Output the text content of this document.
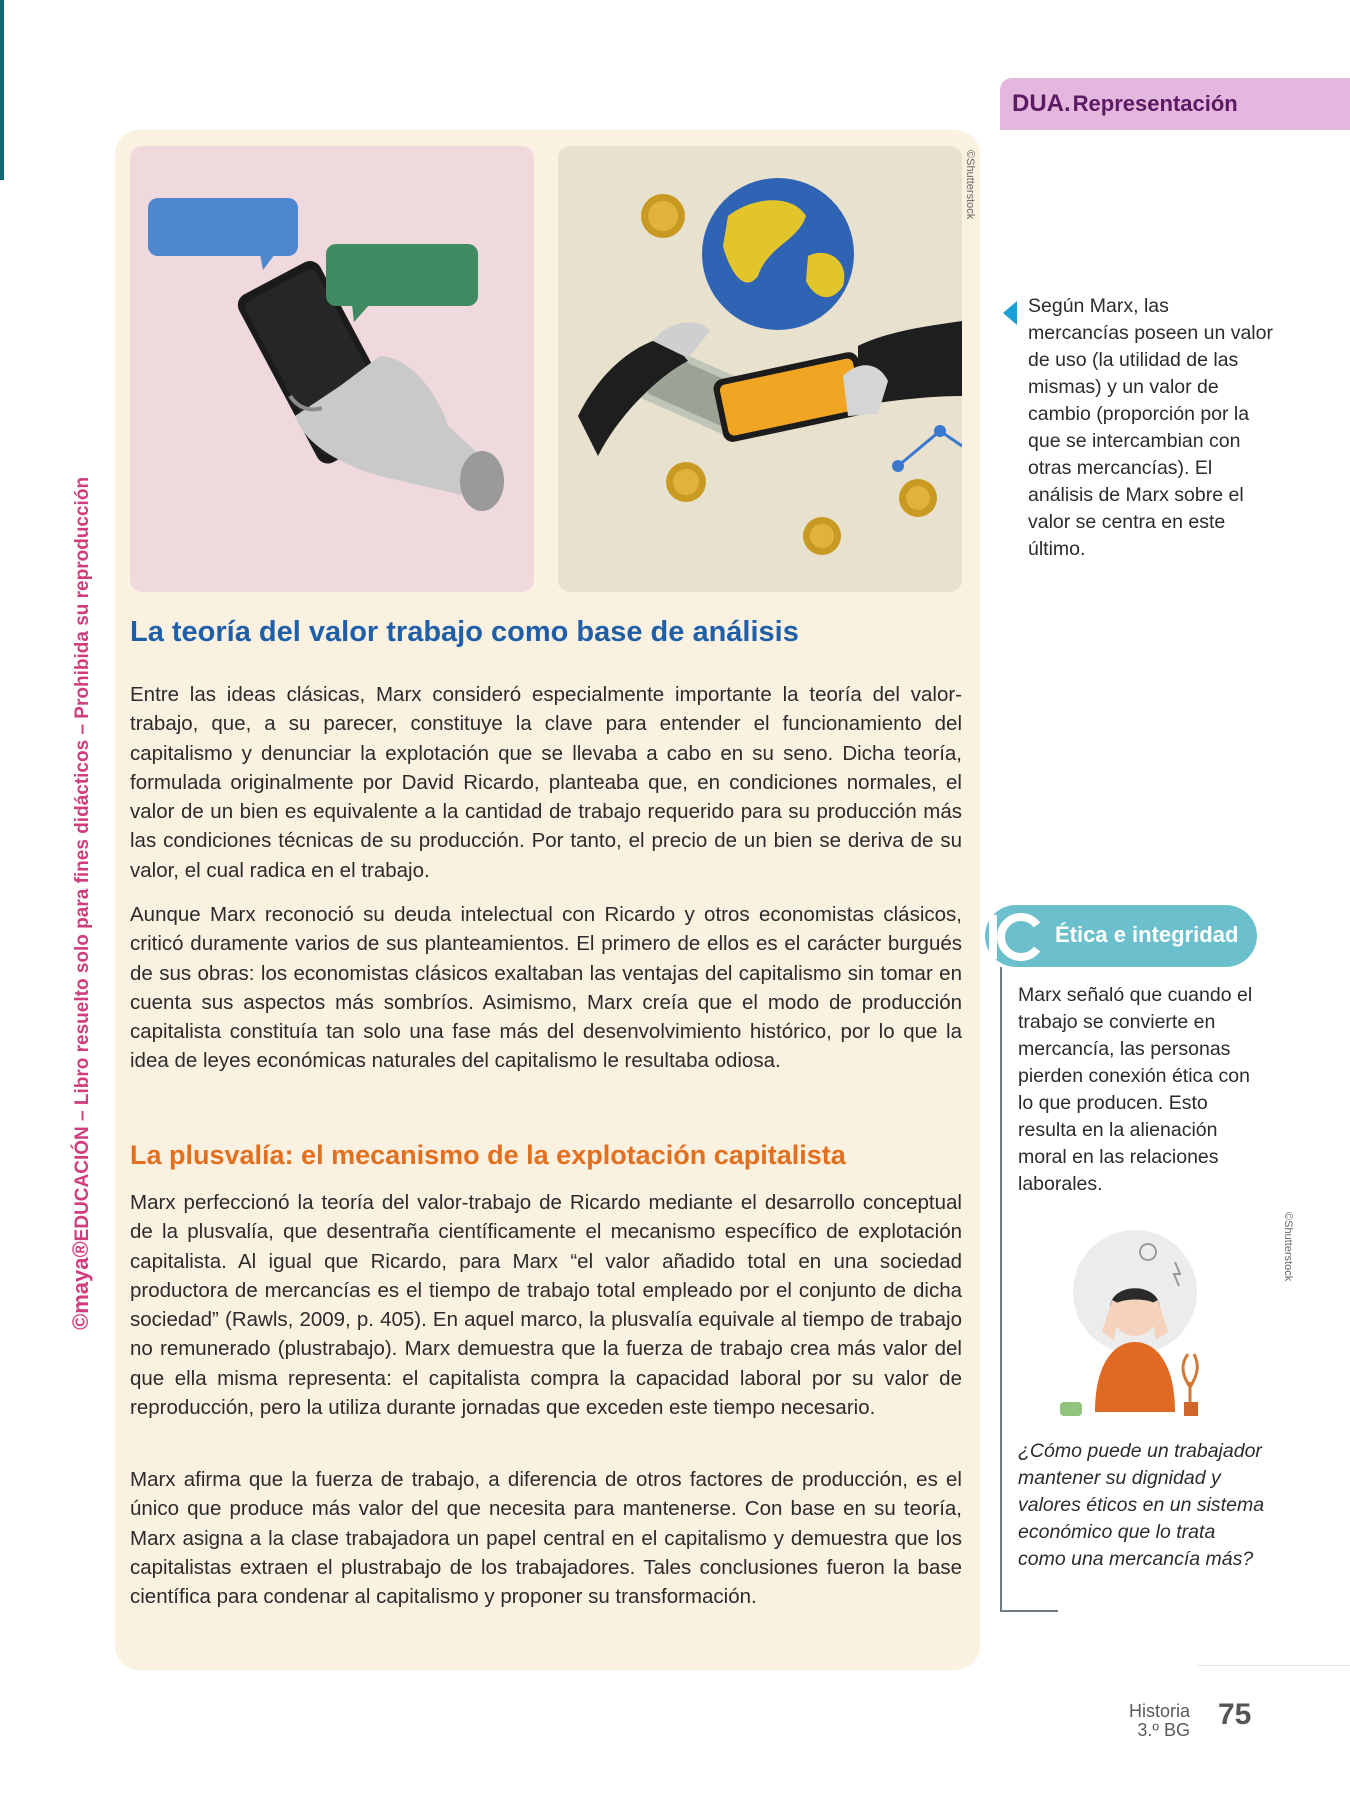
©maya®EDUCACIÓN – Libro resuelto solo para fines didácticos – Prohibida su reproducción
©Shutterstock
La teoría del valor trabajo como base de análisis

Entre las ideas clásicas, Marx consideró especialmente importante la teoría del valor-trabajo, que, a su parecer, constituye la clave para entender el funcionamiento del capitalismo y denunciar la explotación que se llevaba a cabo en su seno. Dicha teoría, formulada originalmente por David Ricardo, planteaba que, en condiciones normales, el valor de un bien es equivalente a la cantidad de trabajo requerido para su producción más las condiciones técnicas de su producción. Por tanto, el precio de un bien se deriva de su valor, el cual radica en el trabajo.

Aunque Marx reconoció su deuda intelectual con Ricardo y otros economistas clásicos, criticó duramente varios de sus planteamientos. El primero de ellos es el carácter burgués de sus obras: los economistas clásicos exaltaban las ventajas del capitalismo sin tomar en cuenta sus aspectos más sombríos. Asimismo, Marx creía que el modo de producción capitalista constituía tan solo una fase más del desenvolvimiento histórico, por lo que la idea de leyes económicas naturales del capitalismo le resultaba odiosa.

La plusvalía: el mecanismo de la explotación capitalista

Marx perfeccionó la teoría del valor-trabajo de Ricardo mediante el desarrollo conceptual de la plusvalía, que desentraña científicamente el mecanismo específico de explotación capitalista. Al igual que Ricardo, para Marx “el valor añadido total en una sociedad productora de mercancías es el tiempo de trabajo total empleado por el conjunto de dicha sociedad” (Rawls, 2009, p. 405). En aquel marco, la plusvalía equivale al tiempo de trabajo no remunerado (plustrabajo). Marx demuestra que la fuerza de trabajo crea más valor del que ella misma representa: el capitalista compra la capacidad laboral por su valor de reproducción, pero la utiliza durante jornadas que exceden este tiempo necesario.

Marx afirma que la fuerza de trabajo, a diferencia de otros factores de producción, es el único que produce más valor del que necesita para mantenerse. Con base en su teoría, Marx asigna a la clase trabajadora un papel central en el capitalismo y demuestra que los capitalistas extraen el plustrabajo de los trabajadores. Tales conclusiones fueron la base científica para condenar al capitalismo y proponer su transformación.

DUA. Representación
Según Marx, las mercancías poseen un valor de uso (la utilidad de las mismas) y un valor de cambio (proporción por la que se intercambian con otras mercancías). El análisis de Marx sobre el valor se centra en este último.
Ética e integridad
Marx señaló que cuando el trabajo se convierte en mercancía, las personas pierden conexión ética con lo que producen. Esto resulta en la alienación moral en las relaciones laborales.
©Shutterstock
¿Cómo puede un trabajador mantener su dignidad y valores éticos en un sistema económico que lo trata como una mercancía más?
Historia
3.º BG 75
